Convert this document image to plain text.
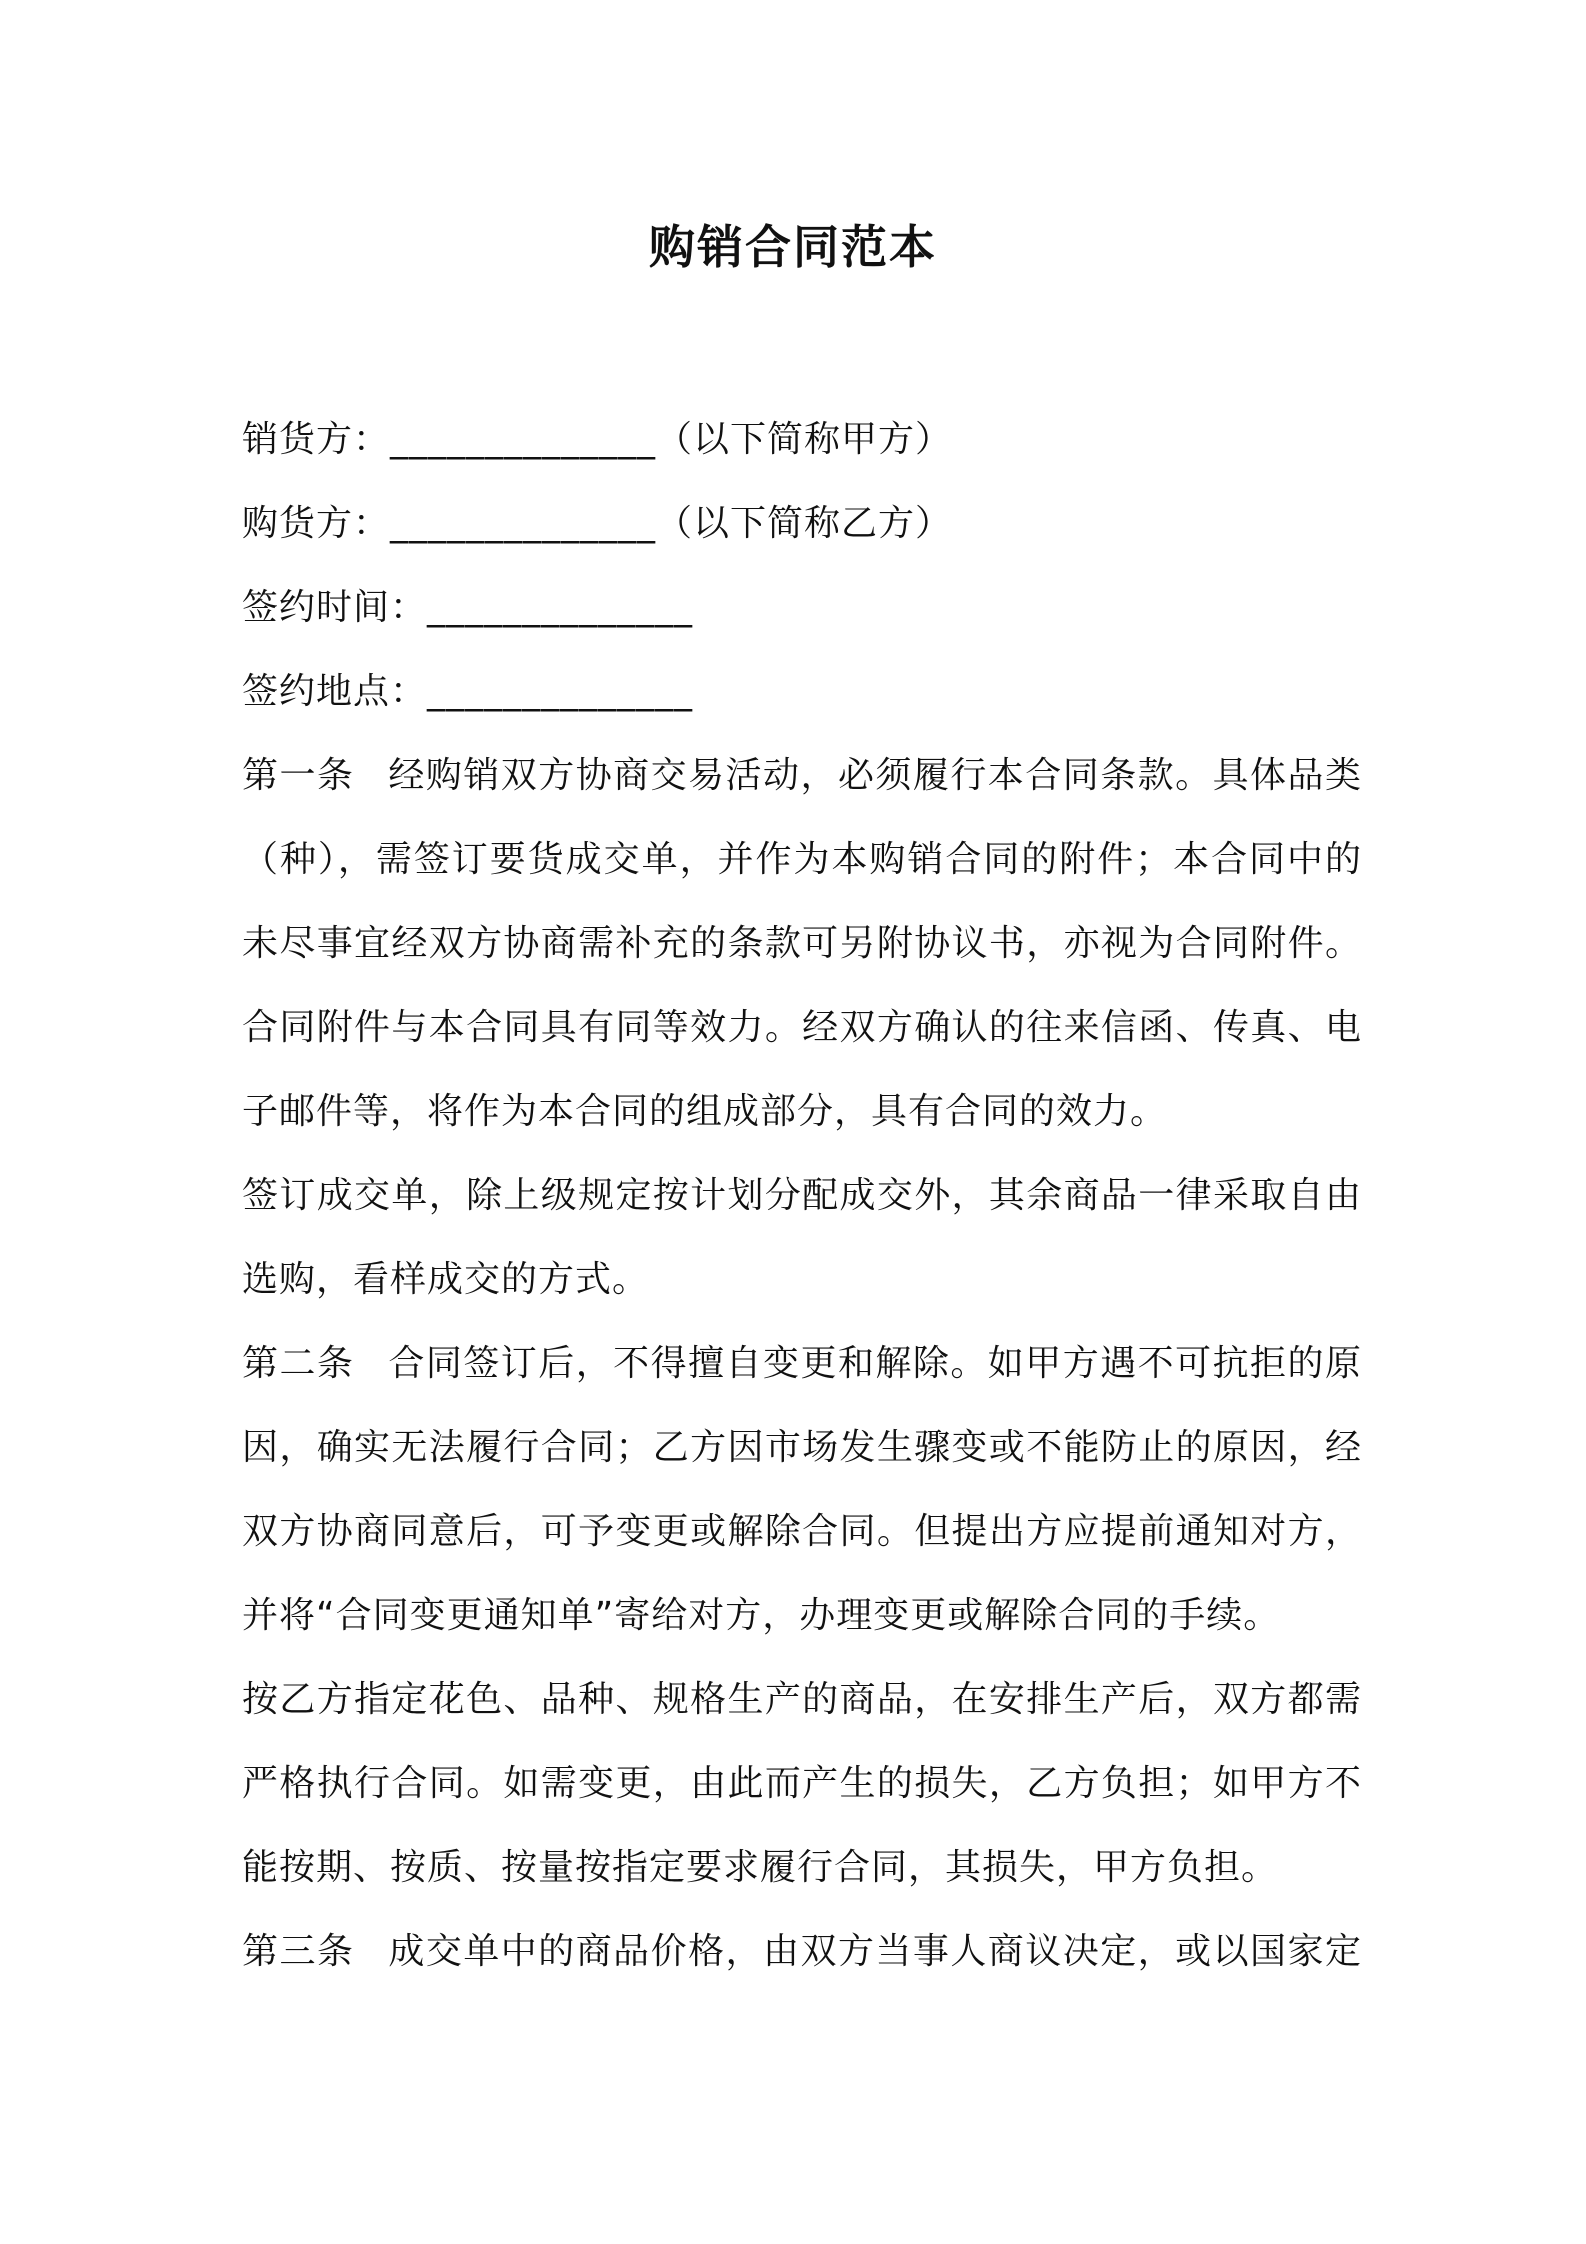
购销合同范本
销货方：______________（以下简称甲方）
购货方：______________（以下简称乙方）
签约时间：______________
签约地点：______________
第一条 经购销双方协商交易活动，必须履行本合同条款。具体品类
（种），需签订要货成交单，并作为本购销合同的附件；本合同中的
未尽事宜经双方协商需补充的条款可另附协议书，亦视为合同附件。
合同附件与本合同具有同等效力。经双方确认的往来信函、传真、电
子邮件等，将作为本合同的组成部分，具有合同的效力。
签订成交单，除上级规定按计划分配成交外，其余商品一律采取自由
选购，看样成交的方式。
第二条 合同签订后，不得擅自变更和解除。如甲方遇不可抗拒的原
因，确实无法履行合同；乙方因市场发生骤变或不能防止的原因，经
双方协商同意后，可予变更或解除合同。但提出方应提前通知对方，
并将“合同变更通知单”寄给对方，办理变更或解除合同的手续。
按乙方指定花色、品种、规格生产的商品，在安排生产后，双方都需
严格执行合同。如需变更，由此而产生的损失，乙方负担；如甲方不
能按期、按质、按量按指定要求履行合同，其损失，甲方负担。
第三条 成交单中的商品价格，由双方当事人商议决定，或以国家定
